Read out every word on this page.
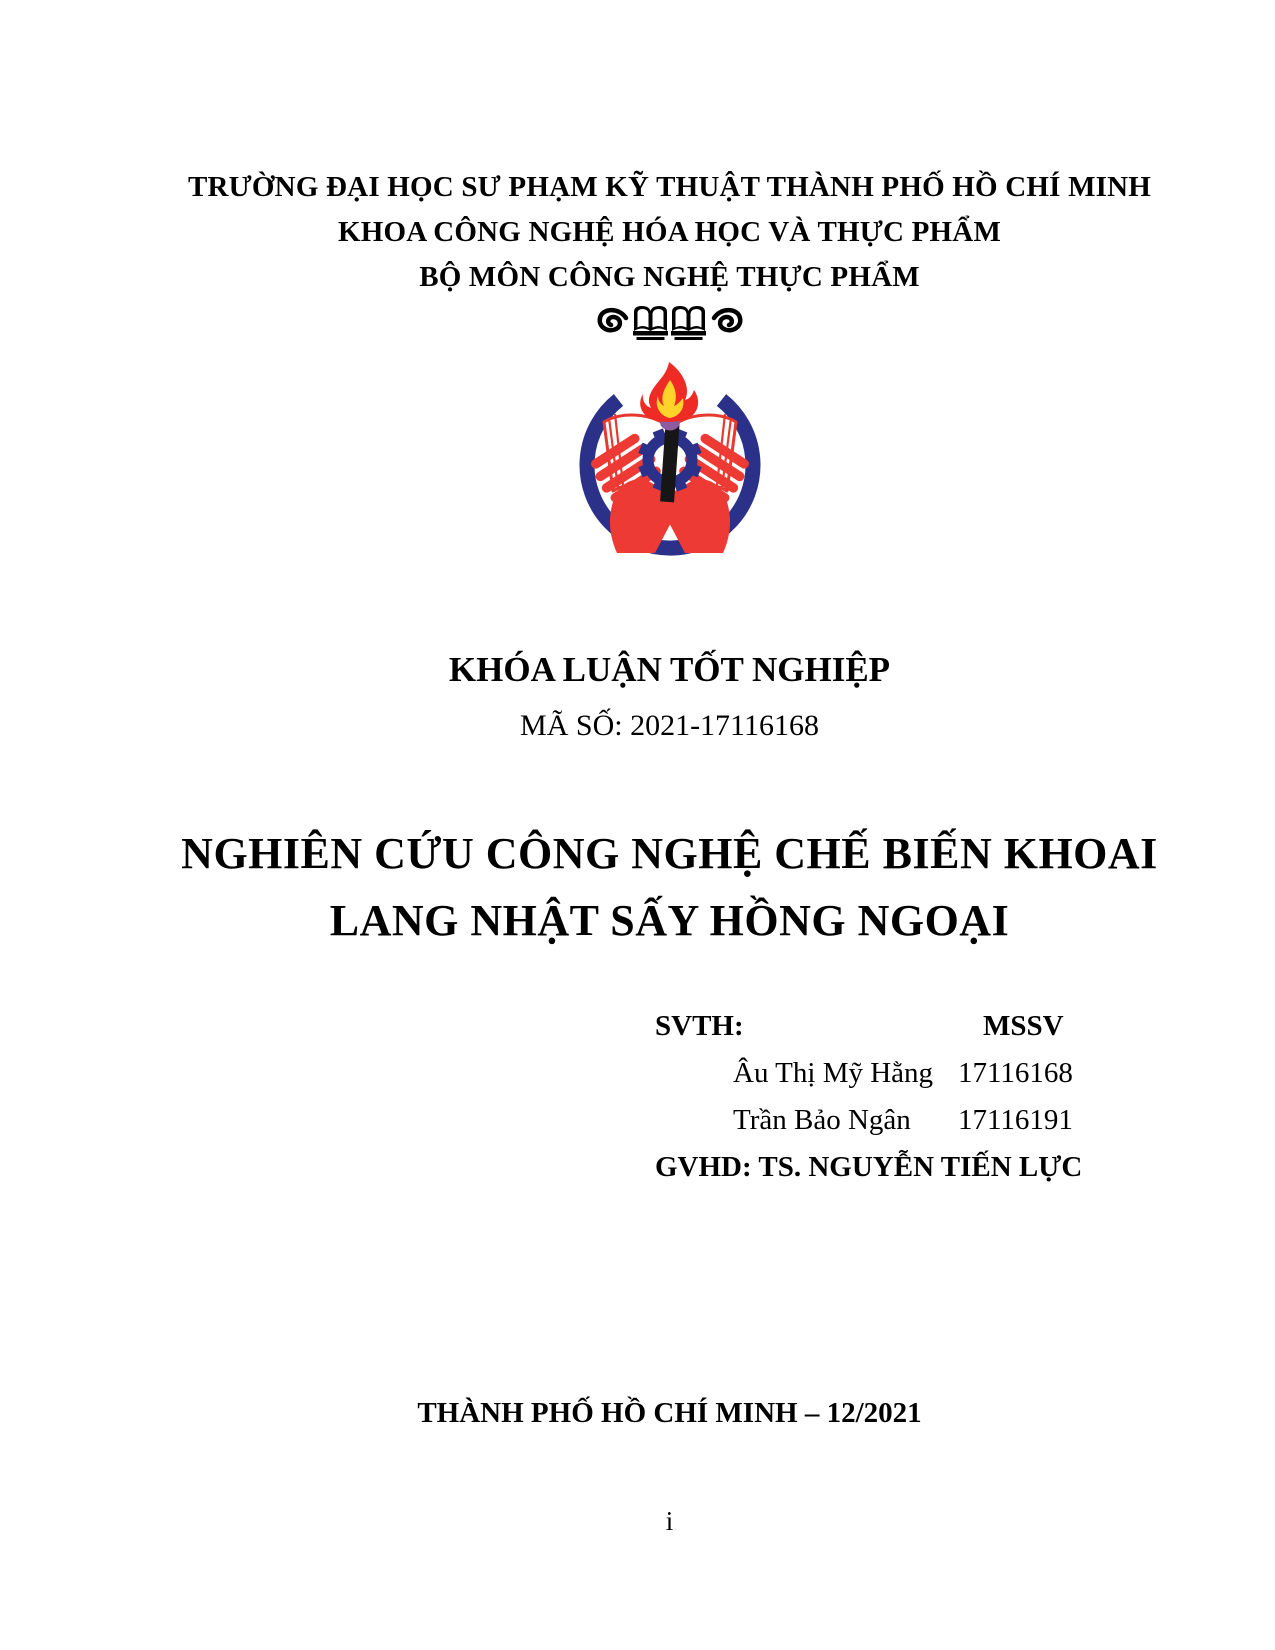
TRƯỜNG ĐẠI HỌC SƯ PHẠM KỸ THUẬT THÀNH PHỐ HỒ CHÍ MINH
KHOA CÔNG NGHỆ HÓA HỌC VÀ THỰC PHẨM
BỘ MÔN CÔNG NGHỆ THỰC PHẨM
KHÓA LUẬN TỐT NGHIỆP
MÃ SỐ: 2021-17116168
NGHIÊN CỨU CÔNG NGHỆ CHẾ BIẾN KHOAI
LANG NHẬT SẤY HỒNG NGOẠI
SVTH:	MSSV
Âu Thị Mỹ Hằng 17116168
Trần Bảo Ngân 17116191
GVHD: TS. NGUYỄN TIẾN LỰC
THÀNH PHỐ HỒ CHÍ MINH – 12/2021
i
